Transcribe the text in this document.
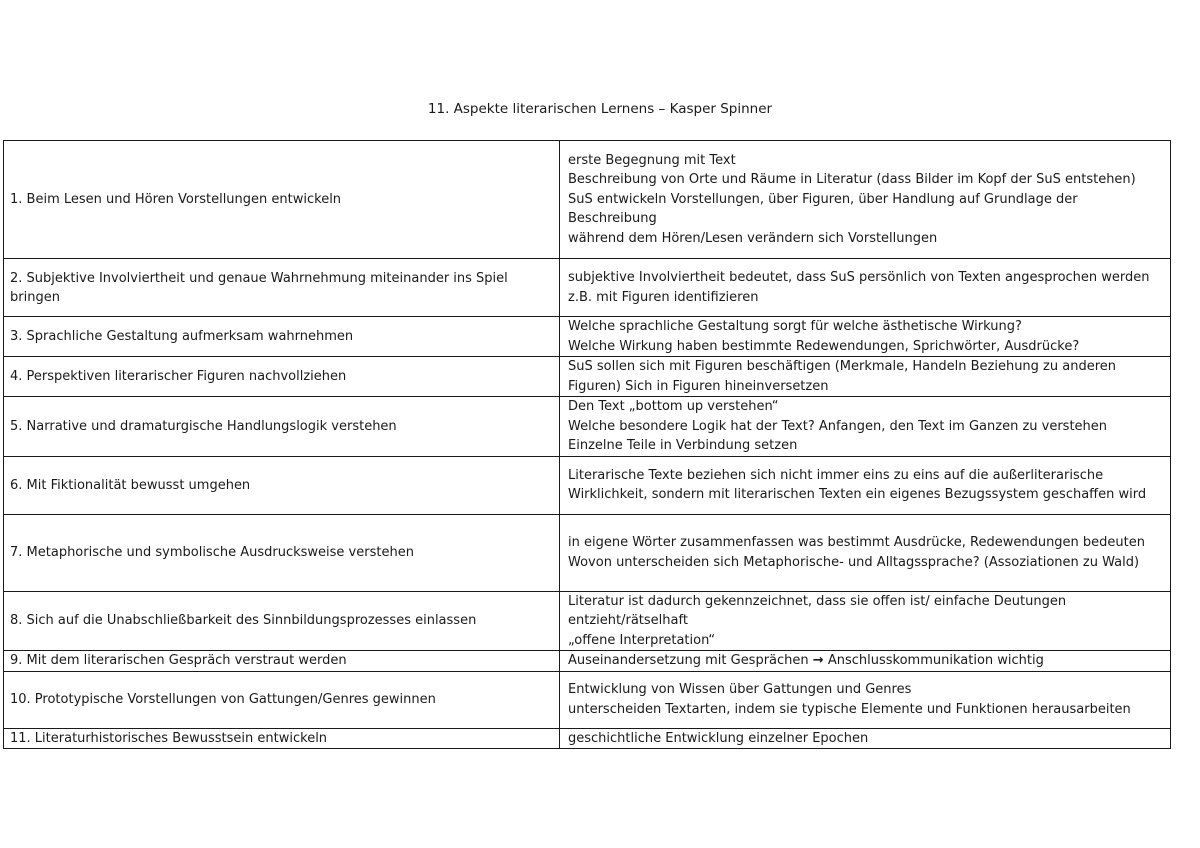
11. Aspekte literarischen Lernens – Kasper Spinner
1. Beim Lesen und Hören Vorstellungen entwickeln	erste Begegnung mit Text
Beschreibung von Orte und Räume in Literatur (dass Bilder im Kopf der SuS entstehen)
SuS entwickeln Vorstellungen, über Figuren, über Handlung auf Grundlage der Beschreibung
während dem Hören/Lesen verändern sich Vorstellungen

2. Subjektive Involviertheit und genaue Wahrnehmung miteinander ins Spiel bringen	subjektive Involviertheit bedeutet, dass SuS persönlich von Texten angesprochen werden
z.B. mit Figuren identifizieren

3. Sprachliche Gestaltung aufmerksam wahrnehmen	Welche sprachliche Gestaltung sorgt für welche ästhetische Wirkung?
Welche Wirkung haben bestimmte Redewendungen, Sprichwörter, Ausdrücke?

4. Perspektiven literarischer Figuren nachvollziehen	SuS sollen sich mit Figuren beschäftigen (Merkmale, Handeln Beziehung zu anderen Figuren) Sich in Figuren hineinversetzen

5. Narrative und dramaturgische Handlungslogik verstehen	Den Text „bottom up verstehen“
Welche besondere Logik hat der Text? Anfangen, den Text im Ganzen zu verstehen
Einzelne Teile in Verbindung setzen

6. Mit Fiktionalität bewusst umgehen	Literarische Texte beziehen sich nicht immer eins zu eins auf die außerliterarische Wirklichkeit, sondern mit literarischen Texten ein eigenes Bezugssystem geschaffen wird

7. Metaphorische und symbolische Ausdrucksweise verstehen	in eigene Wörter zusammenfassen was bestimmt Ausdrücke, Redewendungen bedeuten
Wovon unterscheiden sich Metaphorische- und Alltagssprache? (Assoziationen zu Wald)

8. Sich auf die Unabschließbarkeit des Sinnbildungsprozesses einlassen	Literatur ist dadurch gekennzeichnet, dass sie offen ist/ einfache Deutungen entzieht/rätselhaft
„offene Interpretation“

9. Mit dem literarischen Gespräch verstraut werden	Auseinandersetzung mit Gesprächen → Anschlusskommunikation wichtig

10. Prototypische Vorstellungen von Gattungen/Genres gewinnen	Entwicklung von Wissen über Gattungen und Genres
unterscheiden Textarten, indem sie typische Elemente und Funktionen herausarbeiten

11. Literaturhistorisches Bewusstsein entwickeln	geschichtliche Entwicklung einzelner Epochen
